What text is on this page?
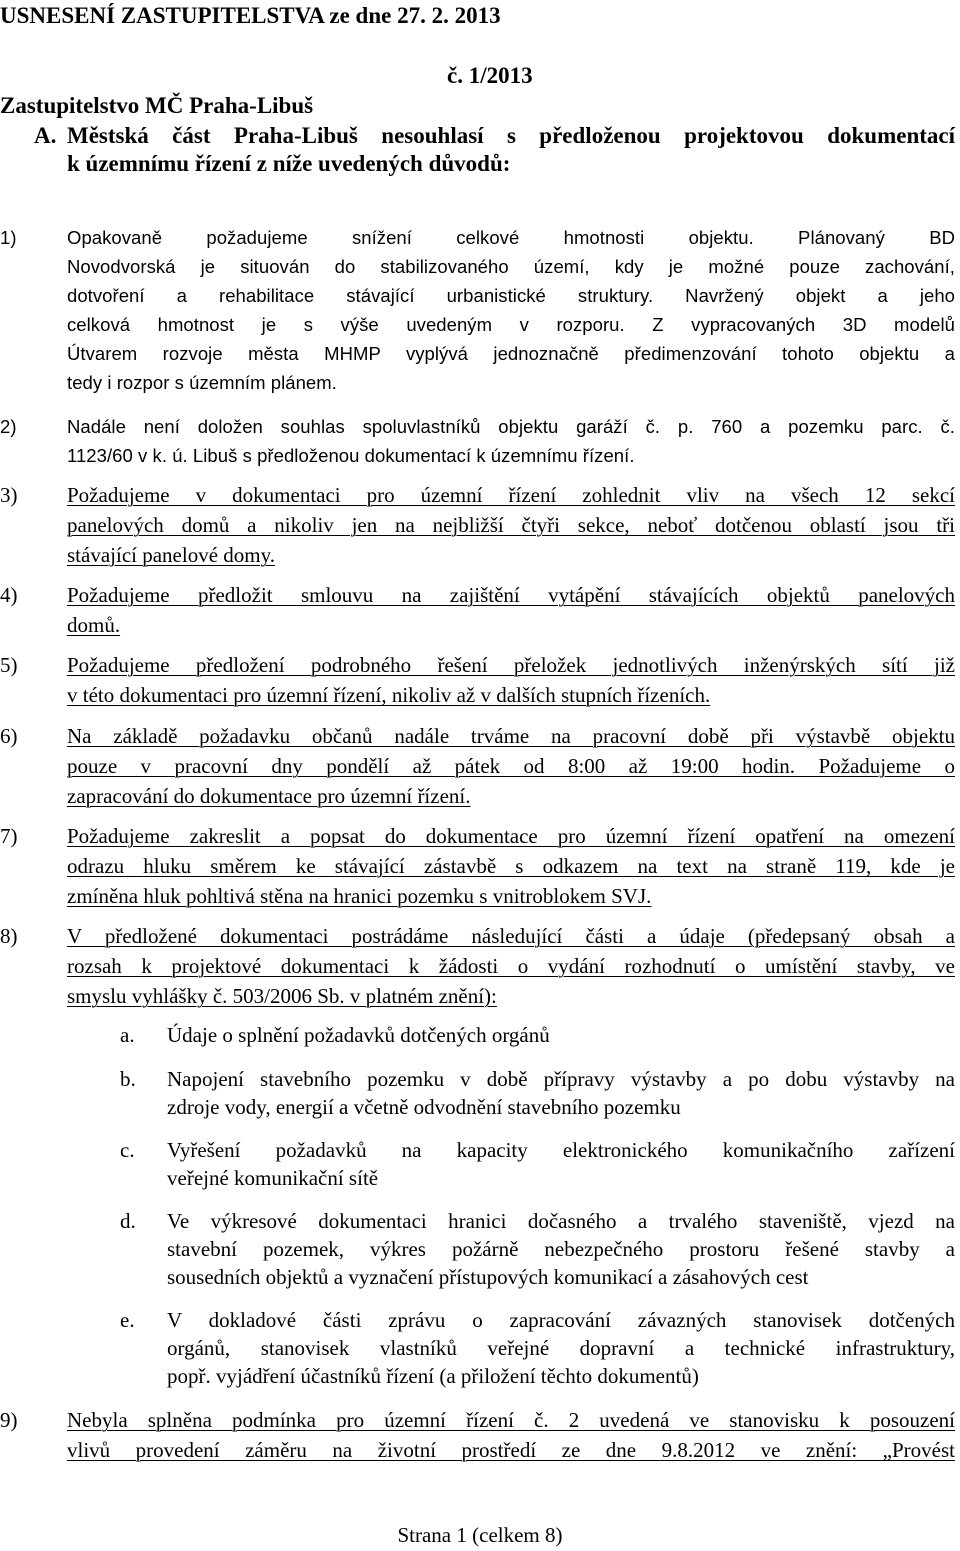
USNESENÍ ZASTUPITELSTVA ze dne 27. 2. 2013
č. 1/2013
Zastupitelstvo MČ Praha-Libuš
A. Městská část Praha-Libuš nesouhlasí s předloženou projektovou dokumentací
k územnímu řízení z níže uvedených důvodů:
1)	Opakovaně požadujeme snížení celkové hmotnosti objektu. Plánovaný BD
Novodvorská je situován do stabilizovaného území, kdy je možné pouze zachování,
dotvoření a rehabilitace stávající urbanistické struktury. Navržený objekt a jeho
celková hmotnost je s výše uvedeným v rozporu. Z vypracovaných 3D modelů
Útvarem rozvoje města MHMP vyplývá jednoznačně předimenzování tohoto objektu a
tedy i rozpor s územním plánem.
2)	Nadále není doložen souhlas spoluvlastníků objektu garáží č. p. 760 a pozemku parc. č.
1123/60 v k. ú. Libuš s předloženou dokumentací k územnímu řízení.
3) Požadujeme v dokumentaci pro územní řízení zohlednit vliv na všech 12 sekcí
panelových domů a nikoliv jen na nejbližší čtyři sekce, neboť dotčenou oblastí jsou tři
stávající panelové domy.
4) Požadujeme předložit smlouvu na zajištění vytápění stávajících objektů panelových
domů.
5) Požadujeme předložení podrobného řešení přeložek jednotlivých inženýrských sítí již
v této dokumentaci pro územní řízení, nikoliv až v dalších stupních řízeních.
6) Na základě požadavku občanů nadále trváme na pracovní době při výstavbě objektu
pouze v pracovní dny pondělí až pátek od 8:00 až 19:00 hodin. Požadujeme o
zapracování do dokumentace pro územní řízení.
7) Požadujeme zakreslit a popsat do dokumentace pro územní řízení opatření na omezení
odrazu hluku směrem ke stávající zástavbě s odkazem na text na straně 119, kde je
zmíněna hluk pohltivá stěna na hranici pozemku s vnitroblokem SVJ.
8) V předložené dokumentaci postrádáme následující části a údaje (předepsaný obsah a
rozsah k projektové dokumentaci k žádosti o vydání rozhodnutí o umístění stavby, ve
smyslu vyhlášky č. 503/2006 Sb. v platném znění):
a. Údaje o splnění požadavků dotčených orgánů
b. Napojení stavebního pozemku v době přípravy výstavby a po dobu výstavby na
zdroje vody, energií a včetně odvodnění stavebního pozemku
c. Vyřešení požadavků na kapacity elektronického komunikačního zařízení
veřejné komunikační sítě
d. Ve výkresové dokumentaci hranici dočasného a trvalého staveniště, vjezd na
stavební pozemek, výkres požárně nebezpečného prostoru řešené stavby a
sousedních objektů a vyznačení přístupových komunikací a zásahových cest
e. V dokladové části zprávu o zapracování závazných stanovisek dotčených
orgánů, stanovisek vlastníků veřejné dopravní a technické infrastruktury,
popř. vyjádření účastníků řízení (a přiložení těchto dokumentů)
9) Nebyla splněna podmínka pro územní řízení č. 2 uvedená ve stanovisku k posouzení
vlivů provedení záměru na životní prostředí ze dne 9.8.2012 ve znění: „Provést
Strana 1 (celkem 8)
